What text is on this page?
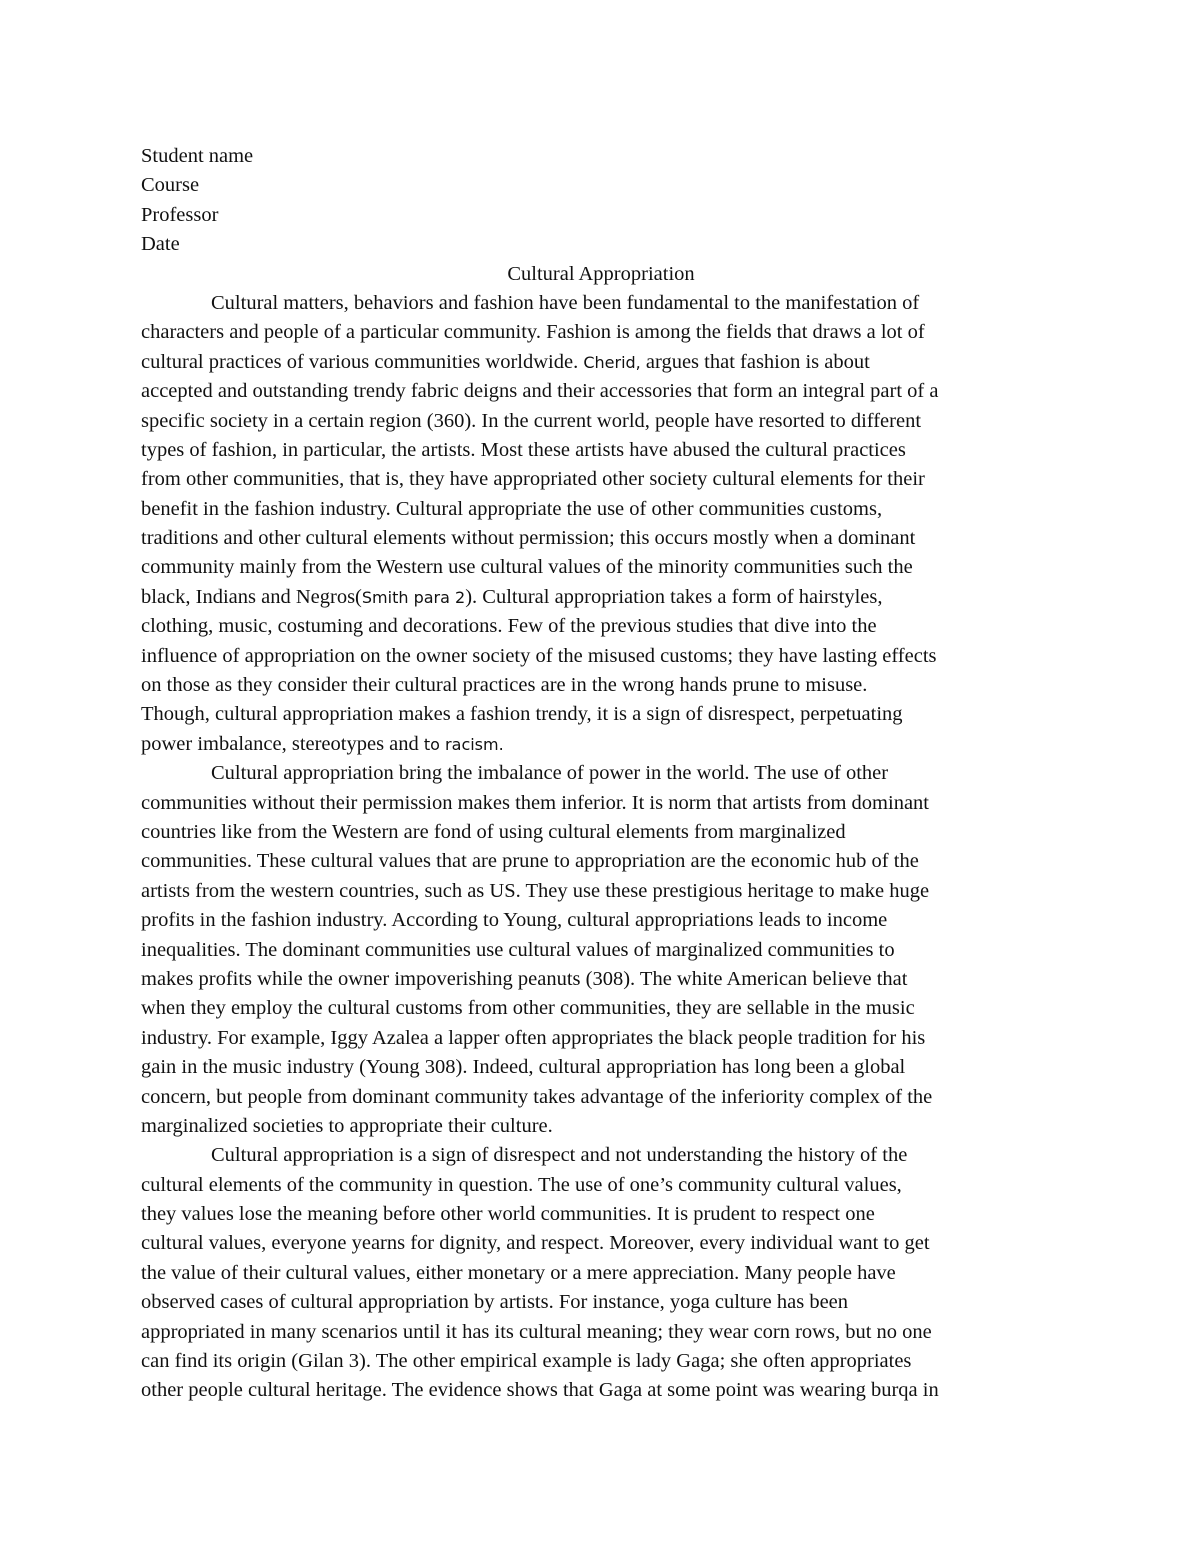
Student name
Course
Professor
Date
Cultural Appropriation
Cultural matters, behaviors and fashion have been fundamental to the manifestation of
characters and people of a particular community. Fashion is among the fields that draws a lot of
cultural practices of various communities worldwide. Cherid, argues that fashion is about
accepted and outstanding trendy fabric deigns and their accessories that form an integral part of a
specific society in a certain region (360). In the current world, people have resorted to different
types of fashion, in particular, the artists. Most these artists have abused the cultural practices
from other communities, that is, they have appropriated other society cultural elements for their
benefit in the fashion industry. Cultural appropriate the use of other communities customs,
traditions and other cultural elements without permission; this occurs mostly when a dominant
community mainly from the Western use cultural values of the minority communities such the
black, Indians and Negros(Smith para 2). Cultural appropriation takes a form of hairstyles,
clothing, music, costuming and decorations. Few of the previous studies that dive into the
influence of appropriation on the owner society of the misused customs; they have lasting effects
on those as they consider their cultural practices are in the wrong hands prune to misuse.
Though, cultural appropriation makes a fashion trendy, it is a sign of disrespect, perpetuating
power imbalance, stereotypes and to racism.
Cultural appropriation bring the imbalance of power in the world. The use of other
communities without their permission makes them inferior. It is norm that artists from dominant
countries like from the Western are fond of using cultural elements from marginalized
communities. These cultural values that are prune to appropriation are the economic hub of the
artists from the western countries, such as US. They use these prestigious heritage to make huge
profits in the fashion industry. According to Young, cultural appropriations leads to income
inequalities. The dominant communities use cultural values of marginalized communities to
makes profits while the owner impoverishing peanuts (308). The white American believe that
when they employ the cultural customs from other communities, they are sellable in the music
industry. For example, Iggy Azalea a lapper often appropriates the black people tradition for his
gain in the music industry (Young 308). Indeed, cultural appropriation has long been a global
concern, but people from dominant community takes advantage of the inferiority complex of the
marginalized societies to appropriate their culture.
Cultural appropriation is a sign of disrespect and not understanding the history of the
cultural elements of the community in question. The use of one’s community cultural values,
they values lose the meaning before other world communities. It is prudent to respect one
cultural values, everyone yearns for dignity, and respect. Moreover, every individual want to get
the value of their cultural values, either monetary or a mere appreciation. Many people have
observed cases of cultural appropriation by artists. For instance, yoga culture has been
appropriated in many scenarios until it has its cultural meaning; they wear corn rows, but no one
can find its origin (Gilan 3). The other empirical example is lady Gaga; she often appropriates
other people cultural heritage. The evidence shows that Gaga at some point was wearing burqa in
